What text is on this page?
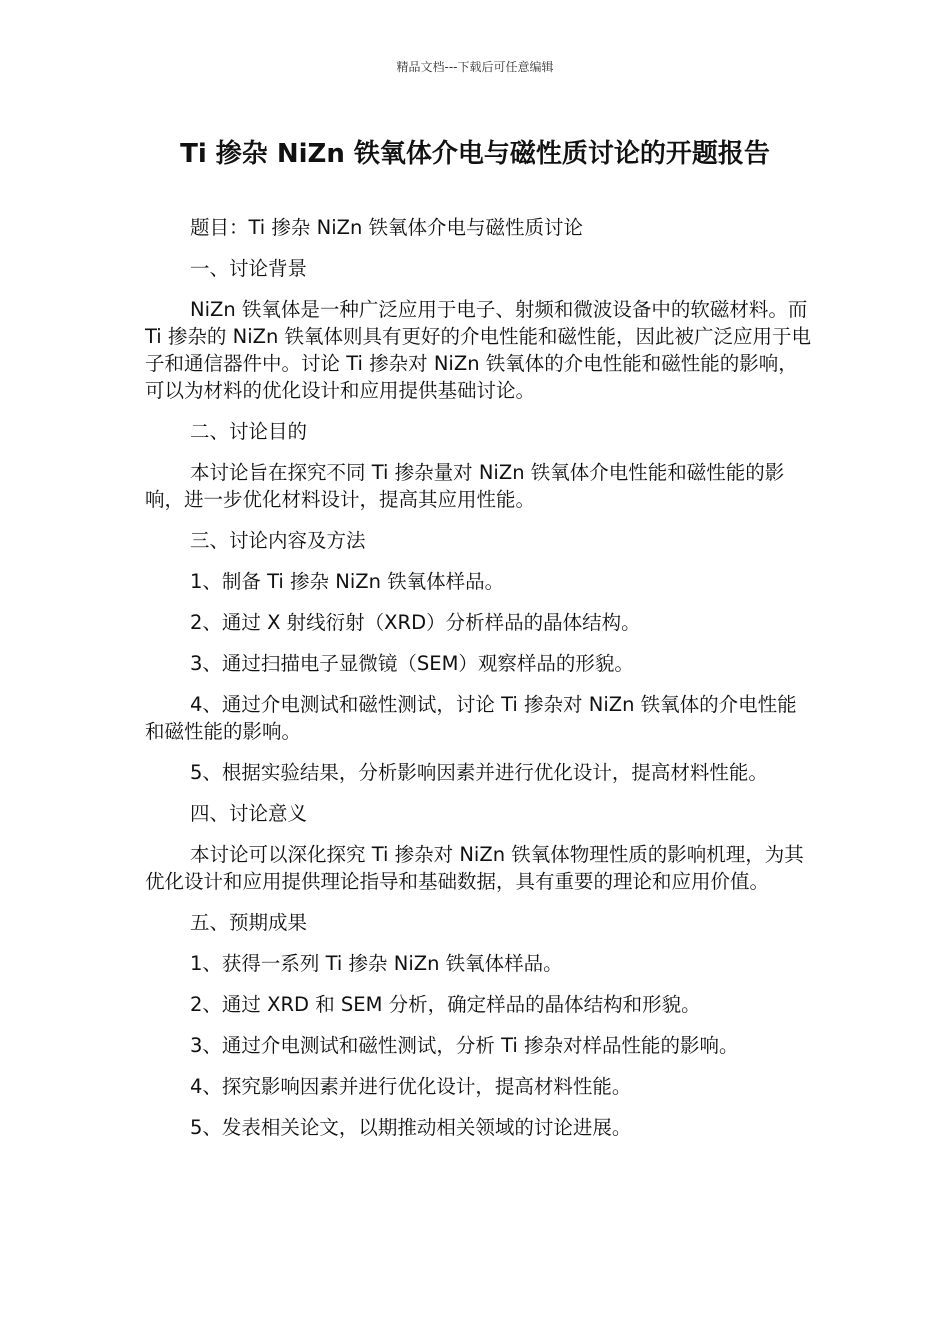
精品文档---下载后可任意编辑
Ti 掺杂 NiZn 铁氧体介电与磁性质讨论的开题报告

题目：Ti 掺杂 NiZn 铁氧体介电与磁性质讨论

一、讨论背景

NiZn 铁氧体是一种广泛应用于电子、射频和微波设备中的软磁材料。而 Ti 掺杂的 NiZn 铁氧体则具有更好的介电性能和磁性能，因此被广泛应用于电子和通信器件中。讨论 Ti 掺杂对 NiZn 铁氧体的介电性能和磁性能的影响，可以为材料的优化设计和应用提供基础讨论。

二、讨论目的

本讨论旨在探究不同 Ti 掺杂量对 NiZn 铁氧体介电性能和磁性能的影响，进一步优化材料设计，提高其应用性能。

三、讨论内容及方法

1、制备 Ti 掺杂 NiZn 铁氧体样品。

2、通过 X 射线衍射（XRD）分析样品的晶体结构。

3、通过扫描电子显微镜（SEM）观察样品的形貌。

4、通过介电测试和磁性测试，讨论 Ti 掺杂对 NiZn 铁氧体的介电性能和磁性能的影响。

5、根据实验结果，分析影响因素并进行优化设计，提高材料性能。

四、讨论意义

本讨论可以深化探究 Ti 掺杂对 NiZn 铁氧体物理性质的影响机理，为其优化设计和应用提供理论指导和基础数据，具有重要的理论和应用价值。

五、预期成果

1、获得一系列 Ti 掺杂 NiZn 铁氧体样品。

2、通过 XRD 和 SEM 分析，确定样品的晶体结构和形貌。

3、通过介电测试和磁性测试，分析 Ti 掺杂对样品性能的影响。

4、探究影响因素并进行优化设计，提高材料性能。

5、发表相关论文，以期推动相关领域的讨论进展。
